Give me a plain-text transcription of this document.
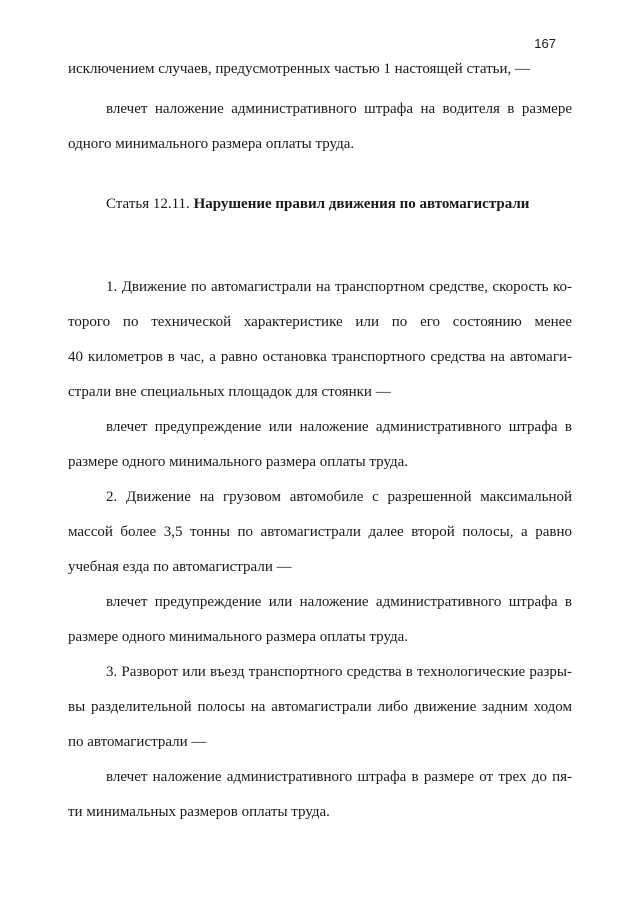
167
исключением случаев, предусмотренных частью 1 настоящей статьи, —
влечет наложение административного штрафа на водителя в размере
одного минимального размера оплаты труда.
Статья 12.11. Нарушение правил движения по автомагистрали
1. Движение по автомагистрали на транспортном средстве, скорость ко-
торого по технической характеристике или по его состоянию менее
40 километров в час, а равно остановка транспортного средства на автомаги-
страли вне специальных площадок для стоянки —
влечет предупреждение или наложение административного штрафа в
размере одного минимального размера оплаты труда.
2. Движение на грузовом автомобиле с разрешенной максимальной
массой более 3,5 тонны по автомагистрали далее второй полосы, а равно
учебная езда по автомагистрали —
влечет предупреждение или наложение административного штрафа в
размере одного минимального размера оплаты труда.
3. Разворот или въезд транспортного средства в технологические разры-
вы разделительной полосы на автомагистрали либо движение задним ходом
по автомагистрали —
влечет наложение административного штрафа в размере от трех до пя-
ти минимальных размеров оплаты труда.
